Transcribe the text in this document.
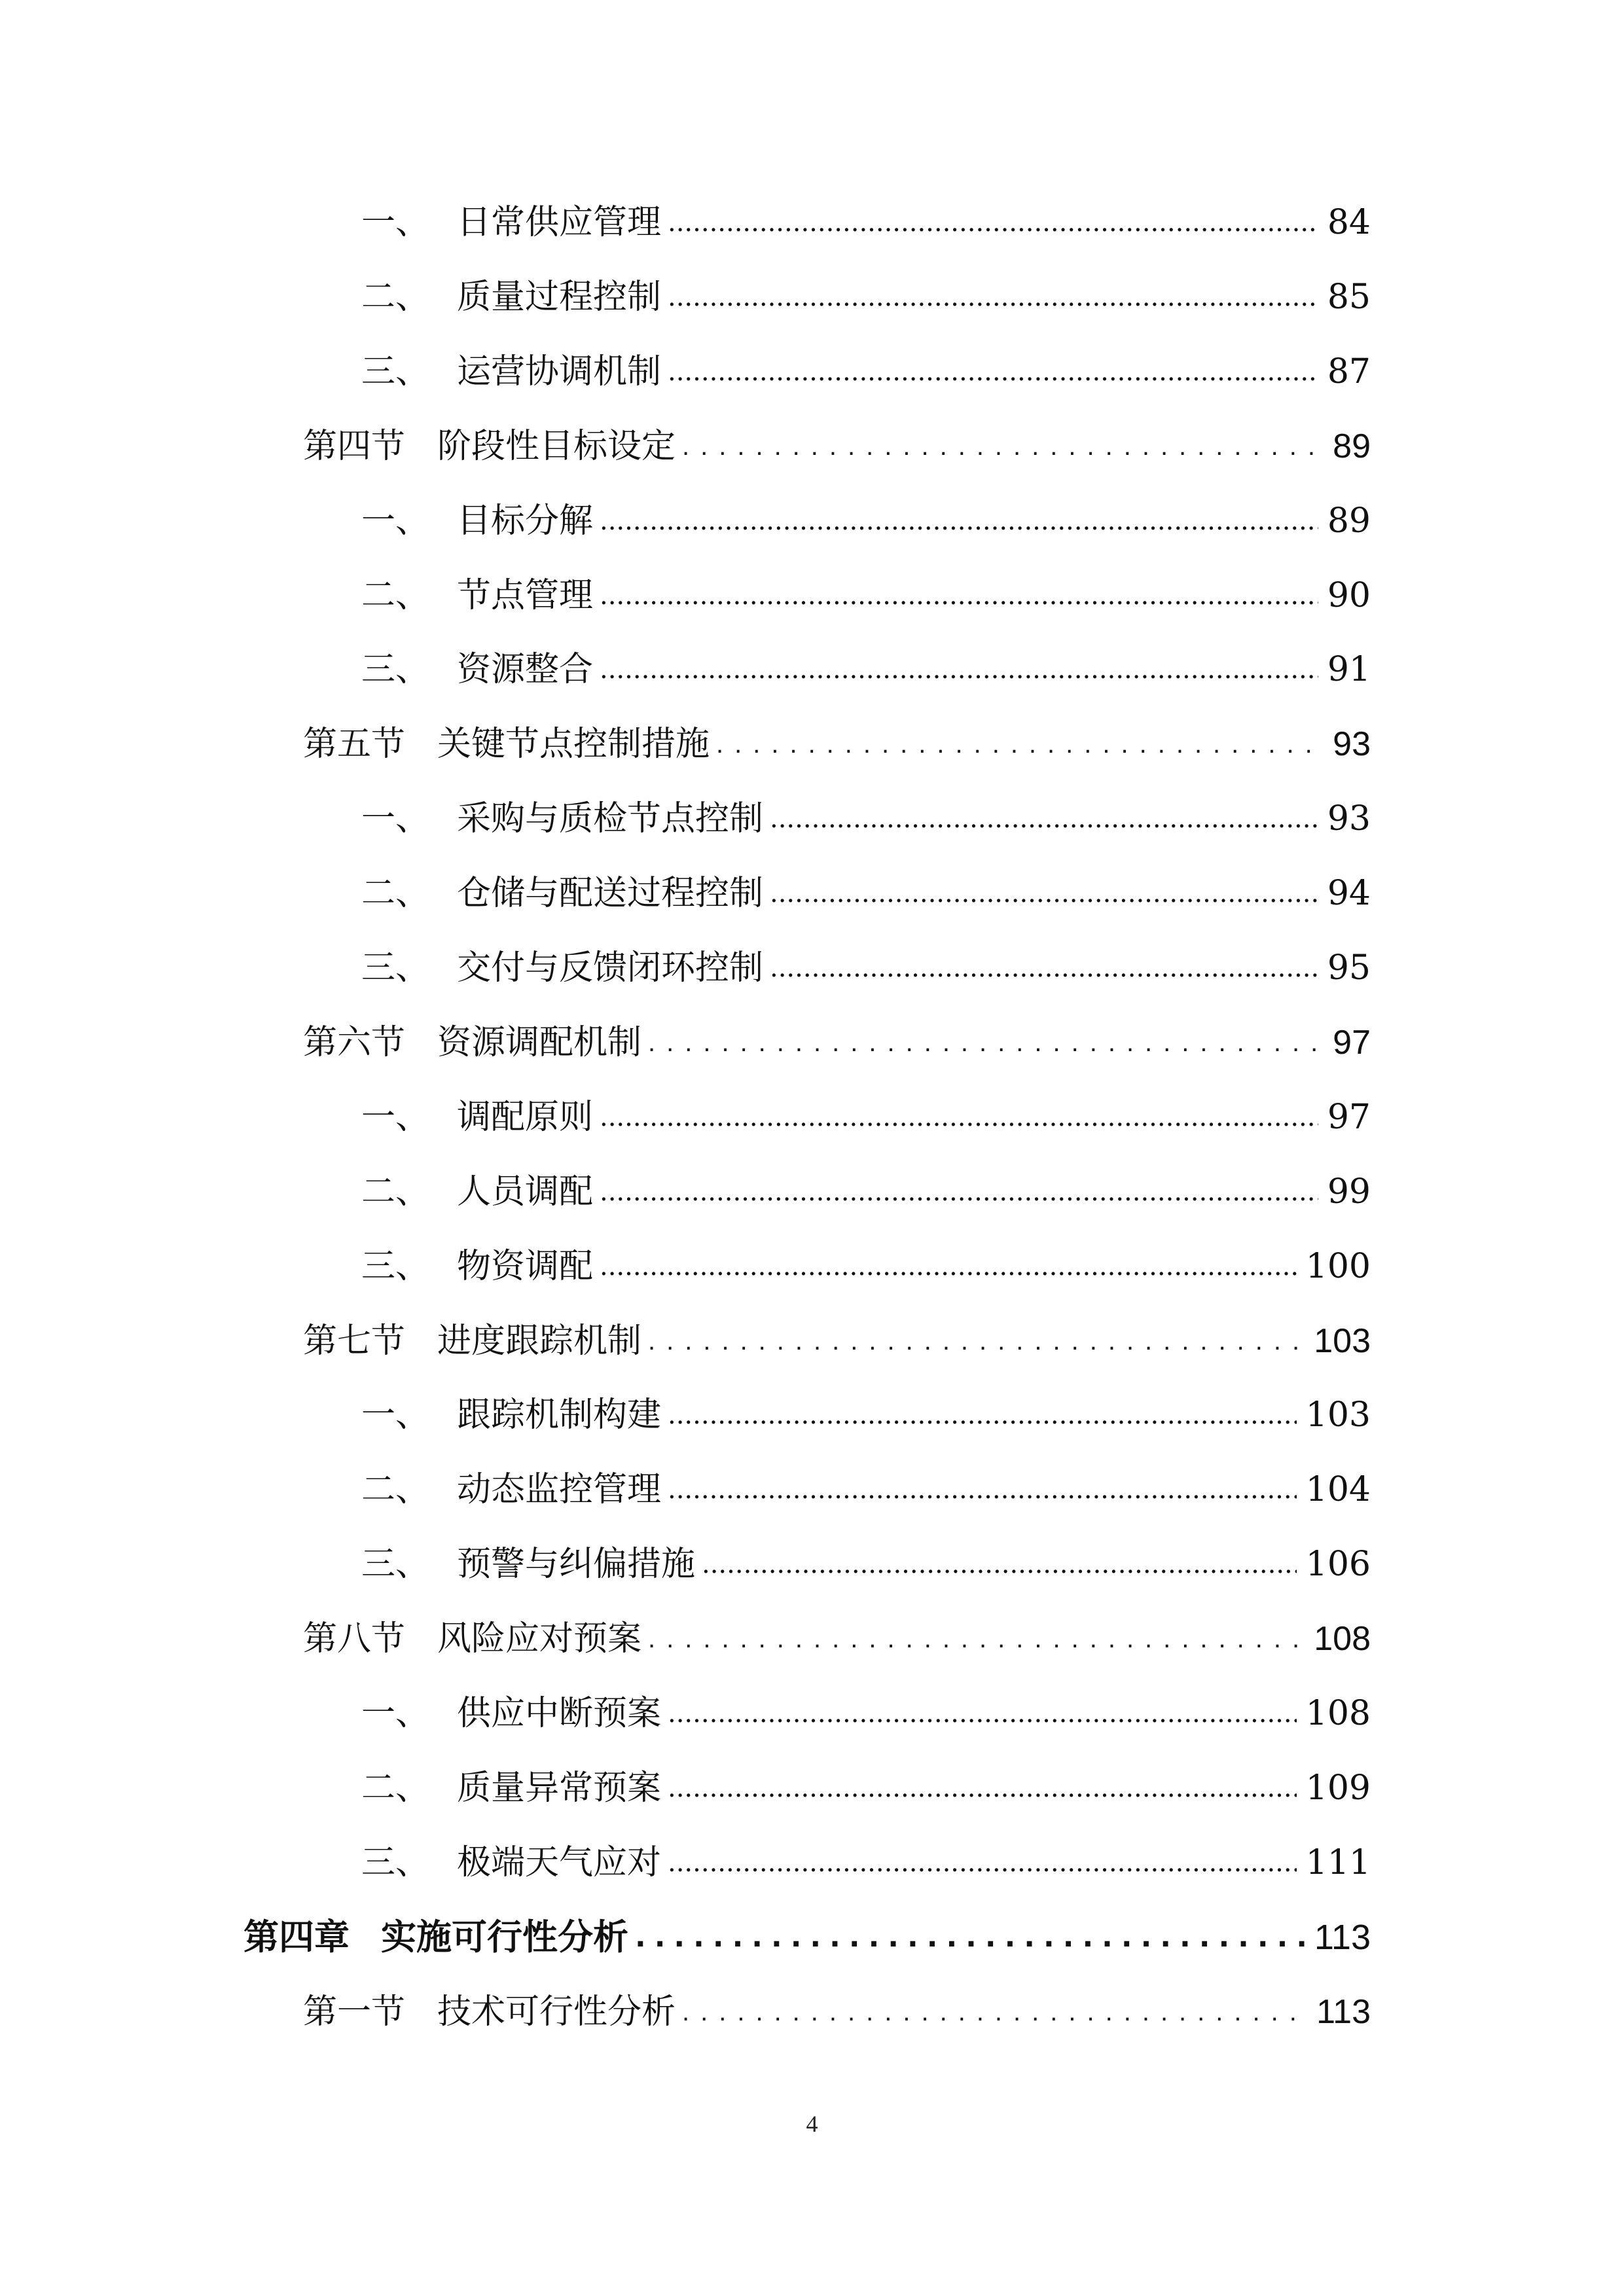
一、 日常供应管理 .....	84
二、 质量过程控制 .....	85
三、 运营协调机制 .....	87
第四节 阶段性目标设定 .....	89
一、 目标分解 .....	89
二、 节点管理 .....	90
三、 资源整合 .....	91
第五节 关键节点控制措施 .....	93
一、 采购与质检节点控制 .....	93
二、 仓储与配送过程控制 .....	94
三、 交付与反馈闭环控制 .....	95
第六节 资源调配机制 .....	97
一、 调配原则 .....	97
二、 人员调配 .....	99
三、 物资调配 .....	100
第七节 进度跟踪机制 .....	103
一、 跟踪机制构建 .....	103
二、 动态监控管理 .....	104
三、 预警与纠偏措施 .....	106
第八节 风险应对预案 .....	108
一、 供应中断预案 .....	108
二、 质量异常预案 .....	109
三、 极端天气应对 .....	111
第四章 实施可行性分析 .....	113
第一节 技术可行性分析 .....	113
4
